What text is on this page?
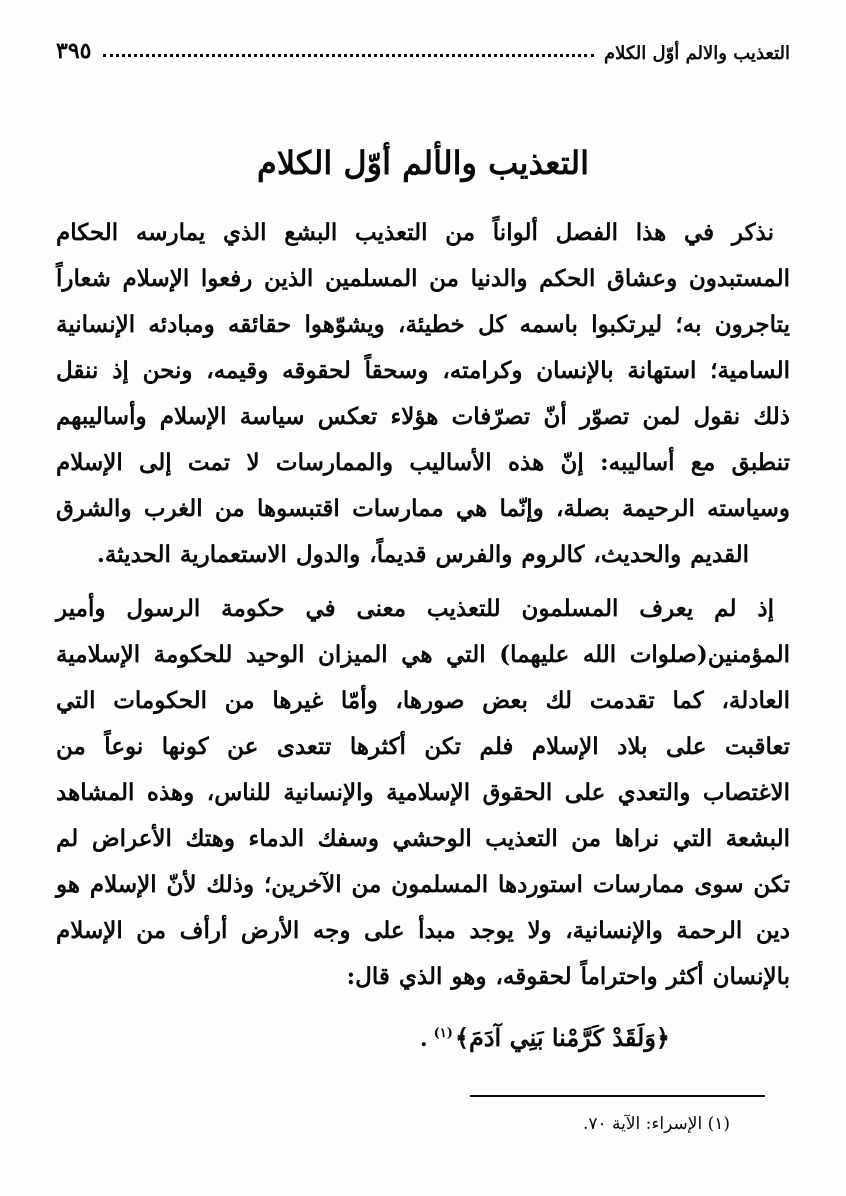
التعذيب والالم أوّل الكلام
٣٩٥
التعذيب والألم أوّل الكلام
نذكر في هذا الفصل ألواناً من التعذيب البشع الذي يمارسه الحكام
المستبدون وعشاق الحكم والدنيا من المسلمين الذين رفعوا الإسلام شعاراً
يتاجرون به؛ ليرتكبوا باسمه كل خطيئة، ويشوّهوا حقائقه ومبادئه الإنسانية
السامية؛ استهانة بالإنسان وكرامته، وسحقاً لحقوقه وقيمه، ونحن إذ ننقل
ذلك نقول لمن تصوّر أنّ تصرّفات هؤلاء تعكس سياسة الإسلام وأساليبهم
تنطبق مع أساليبه: إنّ هذه الأساليب والممارسات لا تمت إلى الإسلام
وسياسته الرحيمة بصلة، وإنّما هي ممارسات اقتبسوها من الغرب والشرق
القديم والحديث، كالروم والفرس قديماً، والدول الاستعمارية الحديثة.
إذ لم يعرف المسلمون للتعذيب معنى في حكومة الرسول وأمير
المؤمنين(صلوات الله عليهما) التي هي الميزان الوحيد للحكومة الإسلامية
العادلة، كما تقدمت لك بعض صورها، وأمّا غيرها من الحكومات التي
تعاقبت على بلاد الإسلام فلم تكن أكثرها تتعدى عن كونها نوعاً من
الاغتصاب والتعدي على الحقوق الإسلامية والإنسانية للناس، وهذه المشاهد
البشعة التي نراها من التعذيب الوحشي وسفك الدماء وهتك الأعراض لم
تكن سوى ممارسات استوردها المسلمون من الآخرين؛ وذلك لأنّ الإسلام هو
دين الرحمة والإنسانية، ولا يوجد مبدأ على وجه الأرض أرأف من الإسلام
بالإنسان أكثر واحتراماً لحقوقه، وهو الذي قال:
﴿وَلَقَدْ كَرَّمْنا بَنِي آدَمَ﴾$^{(١)}$.
(١) الإسراء: الآية ٧٠.
